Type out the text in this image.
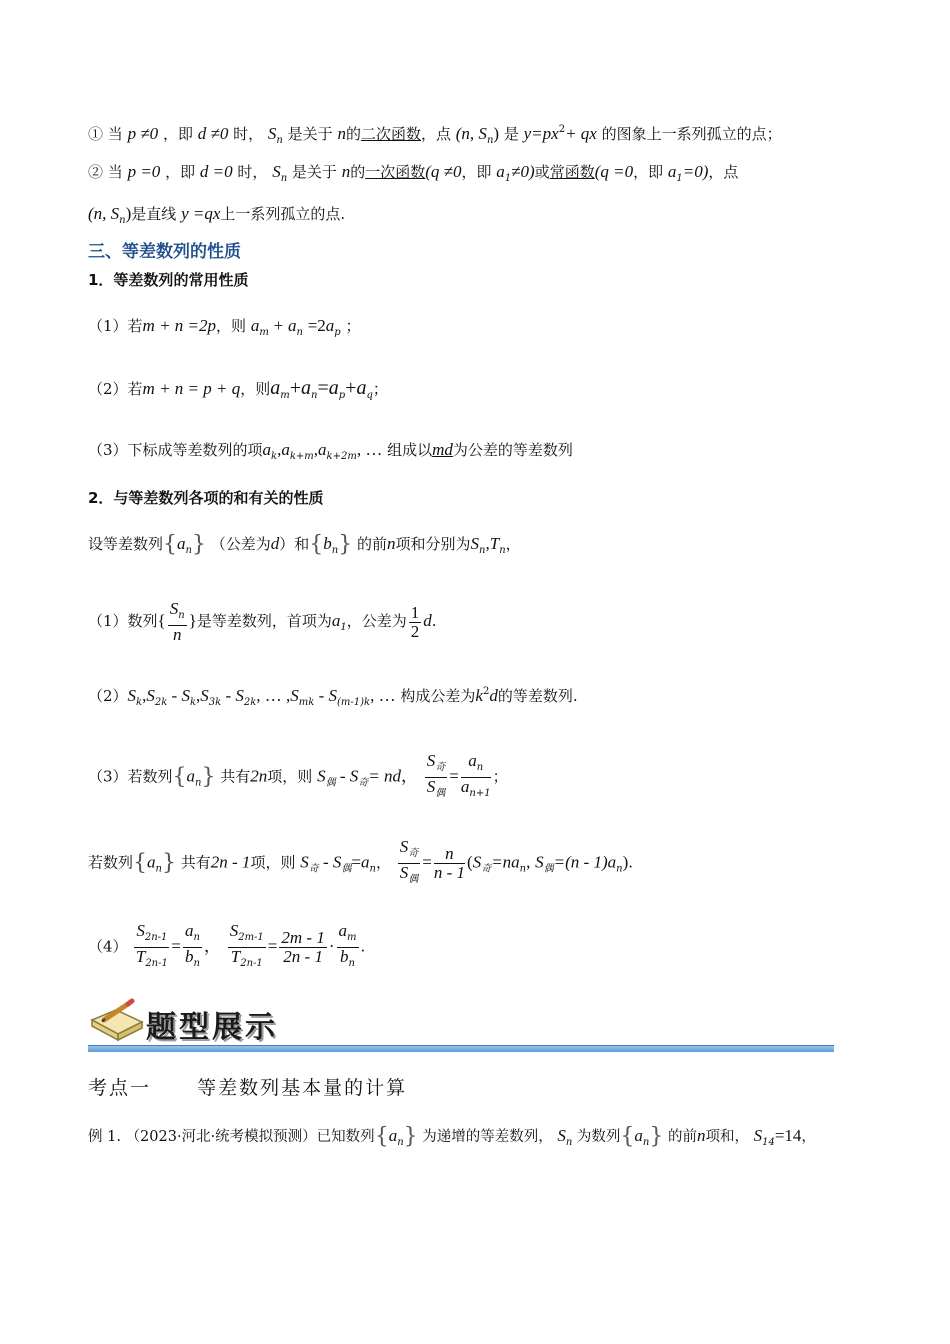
① 当 p ≠0 ，即 d ≠0 时， $S_n$ 是关于 n的二次函数，点 (n, $S_n$) 是 $y=px^2+$ qx 的图象上一系列孤立的点；
② 当 p =0 ，即 d =0 时， $S_n$ 是关于 n的一次函数(q ≠0，即 $a_1\ne 0$)或常函数(q =0，即 $a_1=0$)，点
(n, $S_n$)是直线 y =qx上一系列孤立的点.
三、等差数列的性质
1．等差数列的常用性质
（1）若m + n =2p，则 $a_m + a_n =2a_p$ ；
（2）若m + n = p + q，则$a_m+a_n=a_p+a_q$；
（3）下标成等差数列的项$a_k,a_{k+m},a_{k+2m}$, … 组成以md为公差的等差数列
2．与等差数列各项的和有关的性质
设等差数列$\{a_n\}$ （公差为d）和$\{b_n\}$ 的前n项和分别为$S_n,T_n$，
（1）数列{ $\frac{S_n}{n}$ }是等差数列，首项为$a_1$，公差为 $\frac{1}{2} d$.
$(2)S_k,S_{2k} - S_k,S_{3k} - S_{2k}$, … $,S_{mk} - S_{(m-1)k}$, … 构成公差为$k^2d$的等差数列.
（3）若数列$\{a_n\}$ 共有2n项，则 $S_偶 - S_奇=$ nd， $\frac{S_奇}{S_偶} = \frac{a_n}{a_{n+1}}$ ；
若数列$\{a_n\}$ 共有2n - 1项，则 $S_奇 - S_偶=a_n$， $\frac{S_奇}{S_偶} = \frac{n}{n - 1} (S_奇=na_n$, $S_偶=(n - 1)a_n$).
$(4) \frac{S_{2n-1}}{T_{2n-1}} = \frac{a_n}{b_n}$ ， $\frac{S_{2m-1}}{T_{2n-1}} = \frac{2m - 1}{2n - 1} \cdot \frac{a_m}{b_n}$ .
题型展示
考点一 等差数列基本量的计算
例 1. （2023·河北·统考模拟预测）已知数列$\{a_n\}$ 为递增的等差数列， $S_n$ 为数列$\{a_n\}$ 的前n项和， $S_{14}=14$，
